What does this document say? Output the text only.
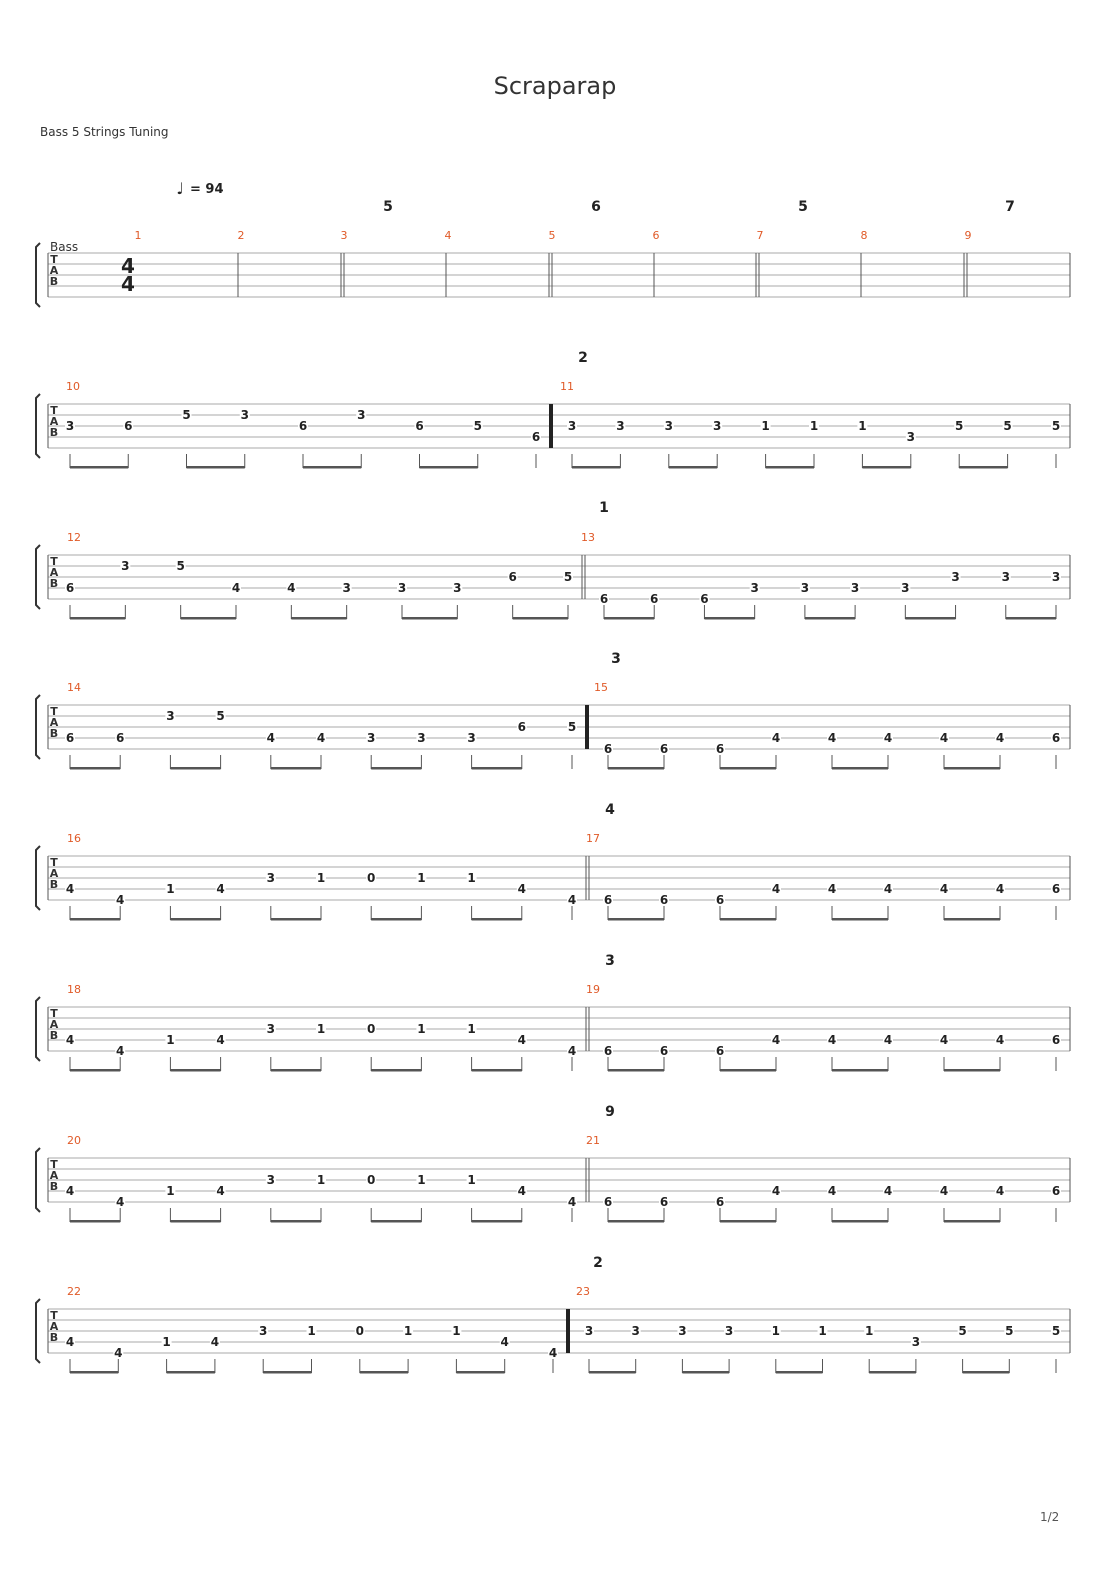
Scraparap
Bass 5 Strings Tuning
T
A
B
1	2	3	4	5	6	7	8	9
5	6	5	7
T
A
B
10	11
2
3	6
5	3
6
3
6	5
6
3	3	3	3	1	1	1
3
5	5	5
T
A
B
12	13
1
6
3	5
4	4	3	3	3
6	5
6	6	6
3	3	3	3
3	3	3
T
A
B
14	15
3
6	6
3	5
4	4	3	3	3
6	5
6	6	6
4	4	4	4	4	6
T
A
B
16	17
4
4
4
1	4
3	1	0	1	1
4
4 6	6	6
4	4	4	4	4	6
T
A
B
18	19
3
4
4
1	4
3	1	0	1	1
4
4 6	6	6
4	4	4	4	4	6
T
A
B
20	21
9
4
4
1	4
3	1	0	1	1
4
4 6	6	6
4	4	4	4	4	6
T
A
B
22	23
2
4
4
1	4
3	1	0	1	1
4
4
3	3	3	3	1	1	1
3
5	5	5
Bass
4
4
♩ = 94
1/2
